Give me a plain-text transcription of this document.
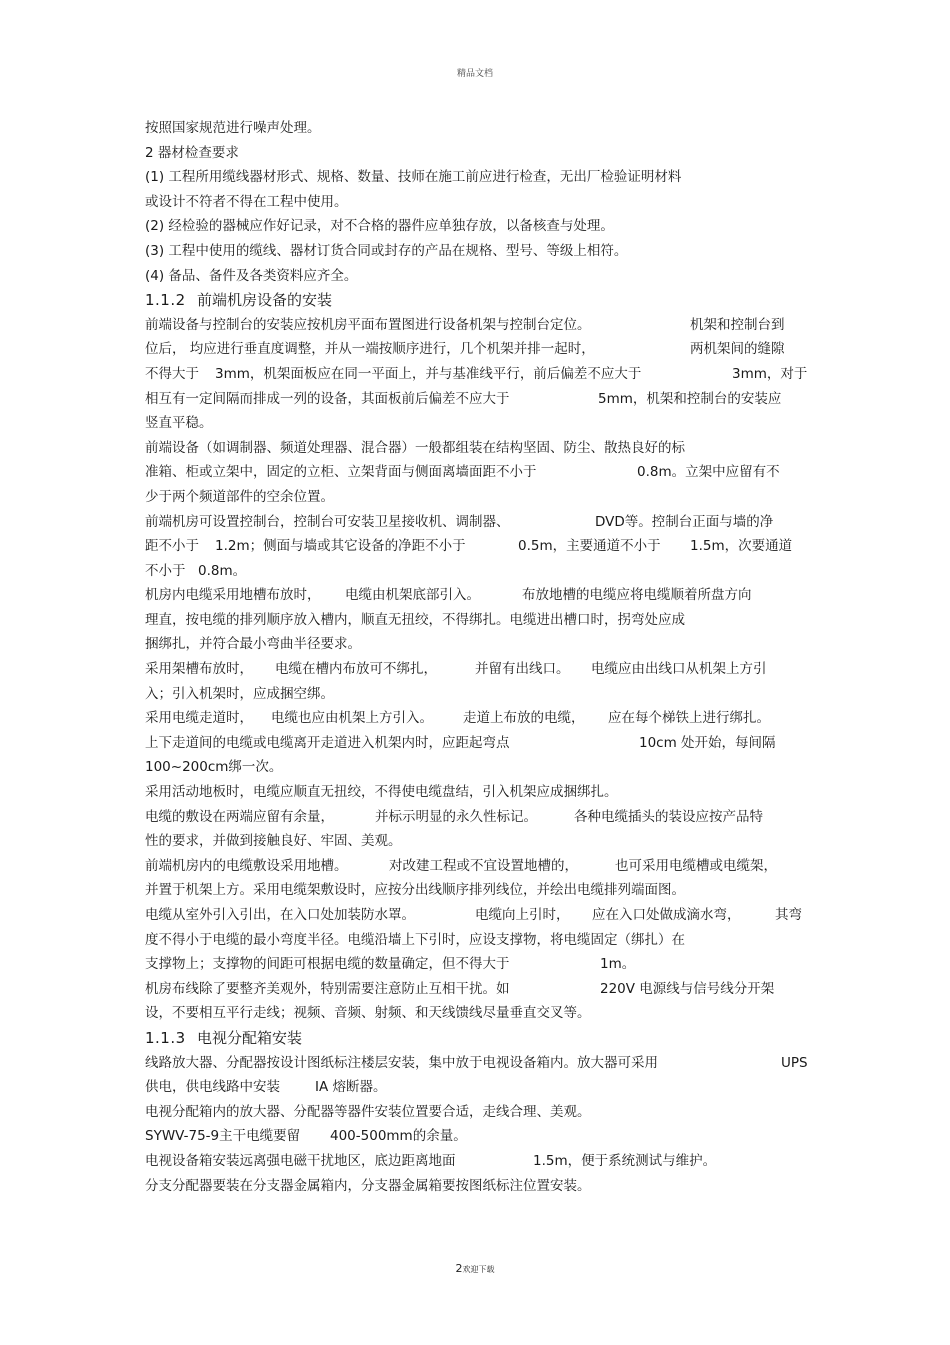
精品文档
按照国家规范进行噪声处理。
2 器材检查要求
(1) 工程所用缆线器材形式、规格、数量、技师在施工前应进行检查，无出厂检验证明材料
或设计不符者不得在工程中使用。
(2) 经检验的器械应作好记录，对不合格的器件应单独存放，以备核查与处理。
(3) 工程中使用的缆线、器材订货合同或封存的产品在规格、型号、等级上相符。
(4) 备品、备件及各类资料应齐全。
1.1.2 前端机房设备的安装
前端设备与控制台的安装应按机房平面布置图进行设备机架与控制台定位。	机架和控制台到
位后， 均应进行垂直度调整，并从一端按顺序进行，几个机架并排一起时，	两机架间的缝隙
不得大于 3mm，机架面板应在同一平面上，并与基准线平行，前后偏差不应大于	3mm，对于
相互有一定间隔而排成一列的设备，其面板前后偏差不应大于	5mm，机架和控制台的安装应
竖直平稳。
前端设备（如调制器、频道处理器、混合器）一般都组装在结构坚固、防尘、散热良好的标
准箱、柜或立架中，固定的立柜、立架背面与侧面离墙面距不小于	0.8m。立架中应留有不
少于两个频道部件的空余位置。
前端机房可设置控制台，控制台可安装卫星接收机、调制器、	DVD等。控制台正面与墙的净
距不小于 1.2m；侧面与墙或其它设备的净距不小于	0.5m，主要通道不小于 1.5m，次要通道
不小于 0.8m。
机房内电缆采用地槽布放时， 电缆由机架底部引入。	布放地槽的电缆应将电缆顺着所盘方向
理直，按电缆的排列顺序放入槽内，顺直无扭绞，不得绑扎。电缆进出槽口时，拐弯处应成
捆绑扎，并符合最小弯曲半径要求。
采用架槽布放时， 电缆在槽内布放可不绑扎，	并留有出线口。 电缆应由出线口从机架上方引
入；引入机架时，应成捆空绑。
采用电缆走道时， 电缆也应由机架上方引入。 走道上布放的电缆， 应在每个梯铁上进行绑扎。
上下走道间的电缆或电缆离开走道进入机架内时，应距起弯点	10cm 处开始，每间隔
100~200cm绑一次。
采用活动地板时，电缆应顺直无扭绞，不得使电缆盘结，引入机架应成捆绑扎。
电缆的敷设在两端应留有余量，	并标示明显的永久性标记。	各种电缆插头的装设应按产品特
性的要求，并做到接触良好、牢固、美观。
前端机房内的电缆敷设采用地槽。	对改建工程或不宜设置地槽的，	也可采用电缆槽或电缆架，
并置于机架上方。采用电缆架敷设时，应按分出线顺序排列线位，并绘出电缆排列端面图。
电缆从室外引入引出，在入口处加装防水罩。	电缆向上引时， 应在入口处做成滴水弯，	其弯
度不得小于电缆的最小弯度半径。电缆沿墙上下引时，应设支撑物，将电缆固定（绑扎）在
支撑物上；支撑物的间距可根据电缆的数量确定，但不得大于	1m。
机房布线除了要整齐美观外，特别需要注意防止互相干扰。如	220V 电源线与信号线分开架
设，不要相互平行走线；视频、音频、射频、和天线馈线尽量垂直交叉等。
1.1.3 电视分配箱安装
线路放大器、分配器按设计图纸标注楼层安装，集中放于电视设备箱内。放大器可采用	UPS
供电，供电线路中安装	IA 熔断器。
电视分配箱内的放大器、分配器等器件安装位置要合适，走线合理、美观。
SYWV-75-9主干电缆要留 400-500mm的余量。
电视设备箱安装远离强电磁干扰地区，底边距离地面	1.5m，便于系统测试与维护。
分支分配器要装在分支器金属箱内，分支器金属箱要按图纸标注位置安装。
2欢迎下载
